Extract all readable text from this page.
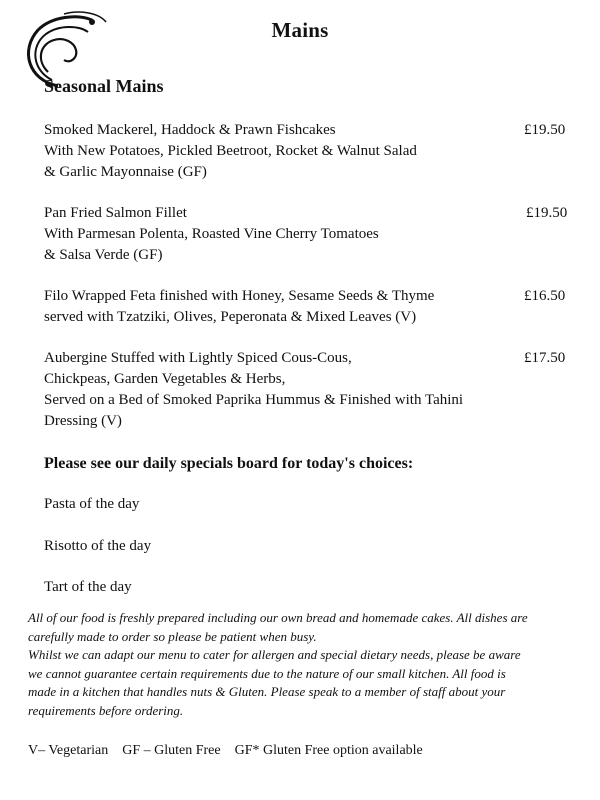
Mains
Seasonal Mains
Smoked Mackerel, Haddock & Prawn Fishcakes
With New Potatoes, Pickled Beetroot, Rocket & Walnut Salad
& Garlic Mayonnaise (GF)
£19.50
Pan Fried Salmon Fillet
With Parmesan Polenta, Roasted Vine Cherry Tomatoes
& Salsa Verde (GF)
£19.50
Filo Wrapped Feta finished with Honey, Sesame Seeds & Thyme
served with Tzatziki, Olives, Peperonata & Mixed Leaves (V)
£16.50
Aubergine Stuffed with Lightly Spiced Cous-Cous,
Chickpeas, Garden Vegetables & Herbs,
Served on a Bed of Smoked Paprika Hummus & Finished with Tahini
Dressing (V)
£17.50
Please see our daily specials board for today's choices:
Pasta of the day
Risotto of the day
Tart of the day
All of our food is freshly prepared including our own bread and homemade cakes. All dishes are
carefully made to order so please be patient when busy.
Whilst we can adapt our menu to cater for allergen and special dietary needs, please be aware
we cannot guarantee certain requirements due to the nature of our small kitchen. All food is
made in a kitchen that handles nuts & Gluten. Please speak to a member of staff about your
requirements before ordering.
V– Vegetarian    GF – Gluten Free    GF* Gluten Free option available
